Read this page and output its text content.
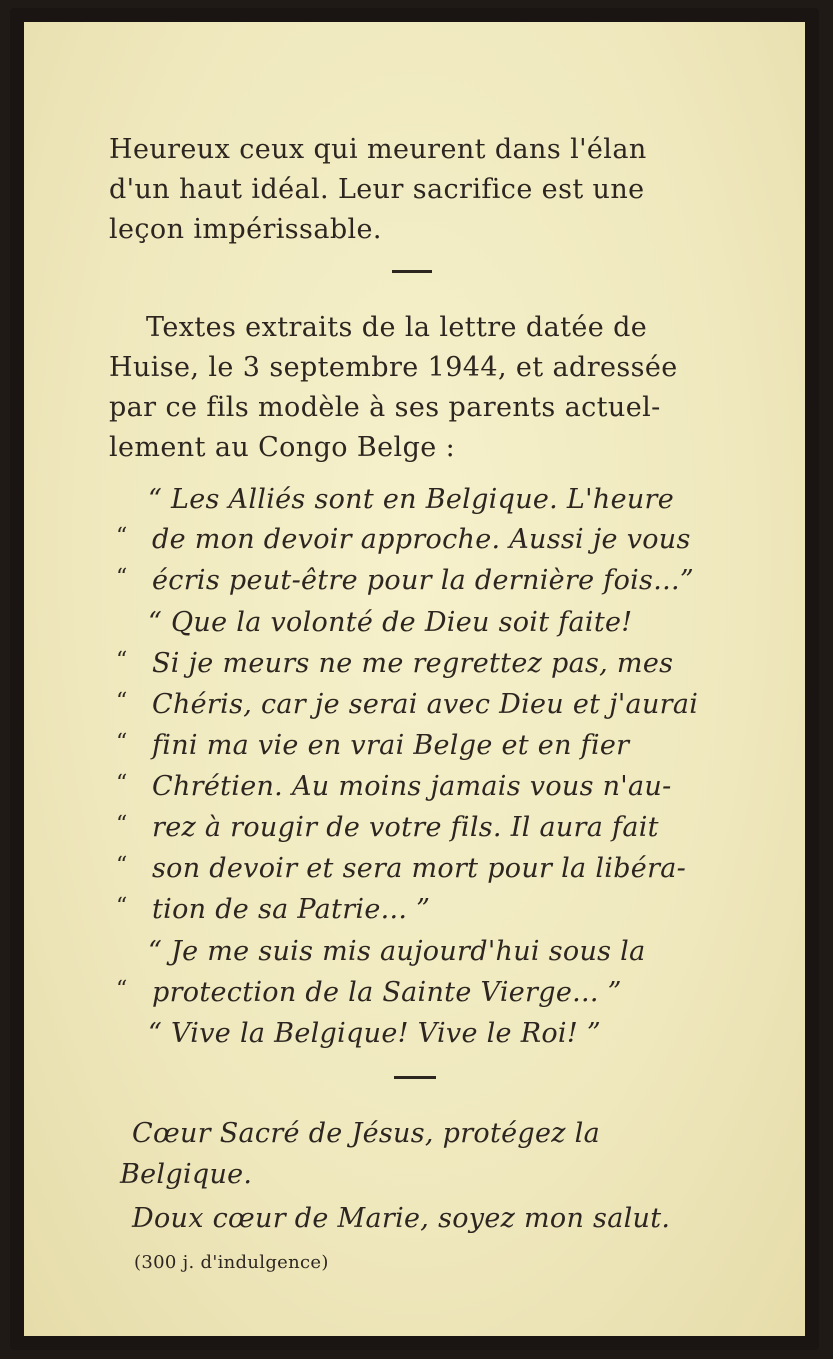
Heureux ceux qui meurent dans l'élan
d'un haut idéal. Leur sacrifice est une
leçon impérissable.
Textes extraits de la lettre datée de
Huise, le 3 septembre 1944, et adressée
par ce fils modèle à ses parents actuel-
lement au Congo Belge :
“ Les Alliés sont en Belgique. L'heure
“ de mon devoir approche. Aussi je vous
“ écris peut-être pour la dernière fois...”
“ Que la volonté de Dieu soit faite!
“ Si je meurs ne me regrettez pas, mes
“ Chéris, car je serai avec Dieu et j'aurai
“ fini ma vie en vrai Belge et en fier
“ Chrétien. Au moins jamais vous n'au-
“ rez à rougir de votre fils. Il aura fait
“ son devoir et sera mort pour la libéra-
“ tion de sa Patrie... ”
“ Je me suis mis aujourd'hui sous la
“ protection de la Sainte Vierge... ”
“ Vive la Belgique! Vive le Roi! ”
Cœur Sacré de Jésus, protégez la
Belgique.
Doux cœur de Marie, soyez mon salut.
(300 j. d'indulgence)
